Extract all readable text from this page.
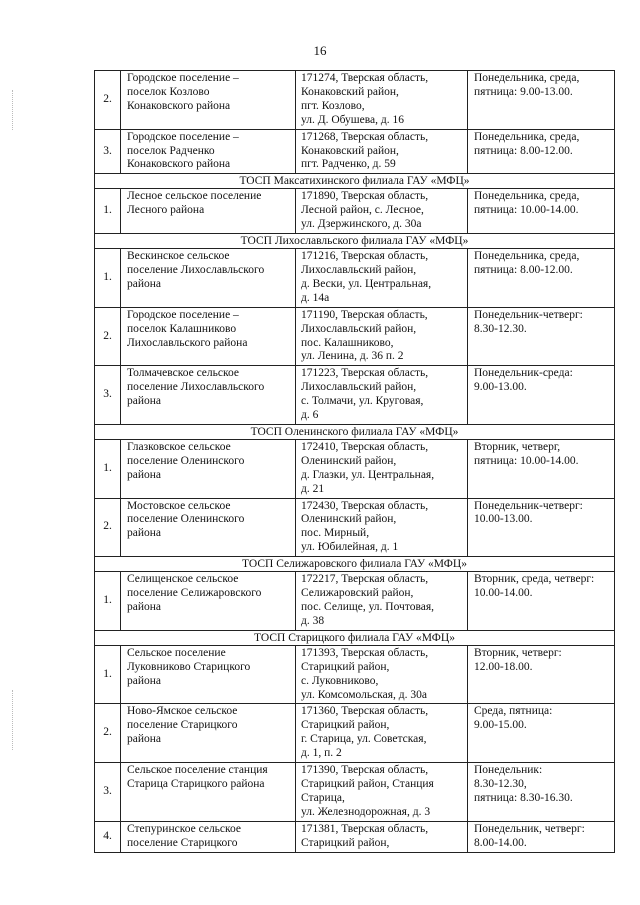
16
2.	Городское поселение –
поселок Козлово
Конаковского района	171274, Тверская область,
Конаковский район,
пгт. Козлово,
ул. Д. Обушева, д. 16	Понедельника, среда,
пятница: 9.00-13.00.

3.	Городское поселение –
поселок Радченко
Конаковского района	171268, Тверская область,
Конаковский район,
пгт. Радченко, д. 59	Понедельника, среда,
пятница: 8.00-12.00.

ТОСП Максатихинского филиала ГАУ «МФЦ»			
1.	Лесное сельское поселение
Лесного района	171890, Тверская область,
Лесной район, с. Лесное,
ул. Дзержинского, д. 30а	Понедельника, среда,
пятница: 10.00-14.00.

ТОСП Лихославльского филиала ГАУ «МФЦ»			
1.	Вескинское сельское
поселение Лихославльского
района	171216, Тверская область,
Лихославльский район,
д. Вески, ул. Центральная,
д. 14а	Понедельника, среда,
пятница: 8.00-12.00.

2.	Городское поселение –
поселок Калашниково
Лихославльского района	171190, Тверская область,
Лихославльский район,
пос. Калашниково,
ул. Ленина, д. 36 п. 2	Понедельник-четверг:
8.30-12.30.

3.	Толмачевское сельское
поселение Лихославльского
района	171223, Тверская область,
Лихославльский район,
с. Толмачи, ул. Круговая,
д. 6	Понедельник-среда:
9.00-13.00.

ТОСП Оленинского филиала ГАУ «МФЦ»			
1.	Глазковское сельское
поселение Оленинского
района	172410, Тверская область,
Оленинский район,
д. Глазки, ул. Центральная,
д. 21	Вторник, четверг,
пятница: 10.00-14.00.

2.	Мостовское сельское
поселение Оленинского
района	172430, Тверская область,
Оленинский район,
пос. Мирный,
ул. Юбилейная, д. 1	Понедельник-четверг:
10.00-13.00.

ТОСП Селижаровского филиала ГАУ «МФЦ»			
1.	Селищенское сельское
поселение Селижаровского
района	172217, Тверская область,
Селижаровский район,
пос. Селище, ул. Почтовая,
д. 38	Вторник, среда, четверг:
10.00-14.00.

ТОСП Старицкого филиала ГАУ «МФЦ»			
1.	Сельское поселение
Луковниково Старицкого
района	171393, Тверская область,
Старицкий район,
с. Луковниково,
ул. Комсомольская, д. 30а	Вторник, четверг:
12.00-18.00.

2.	Ново-Ямское сельское
поселение Старицкого
района	171360, Тверская область,
Старицкий район,
г. Старица, ул. Советская,
д. 1, п. 2	Среда, пятница:
9.00-15.00.

3.	Сельское поселение станция
Старица Старицкого района	171390, Тверская область,
Старицкий район, Станция
Старица,
ул. Железнодорожная, д. 3	Понедельник:
8.30-12.30,
пятница: 8.30-16.30.

4.	Степуринское сельское
поселение Старицкого	171381, Тверская область,
Старицкий район,	Понедельник, четверг:
8.00-14.00.
